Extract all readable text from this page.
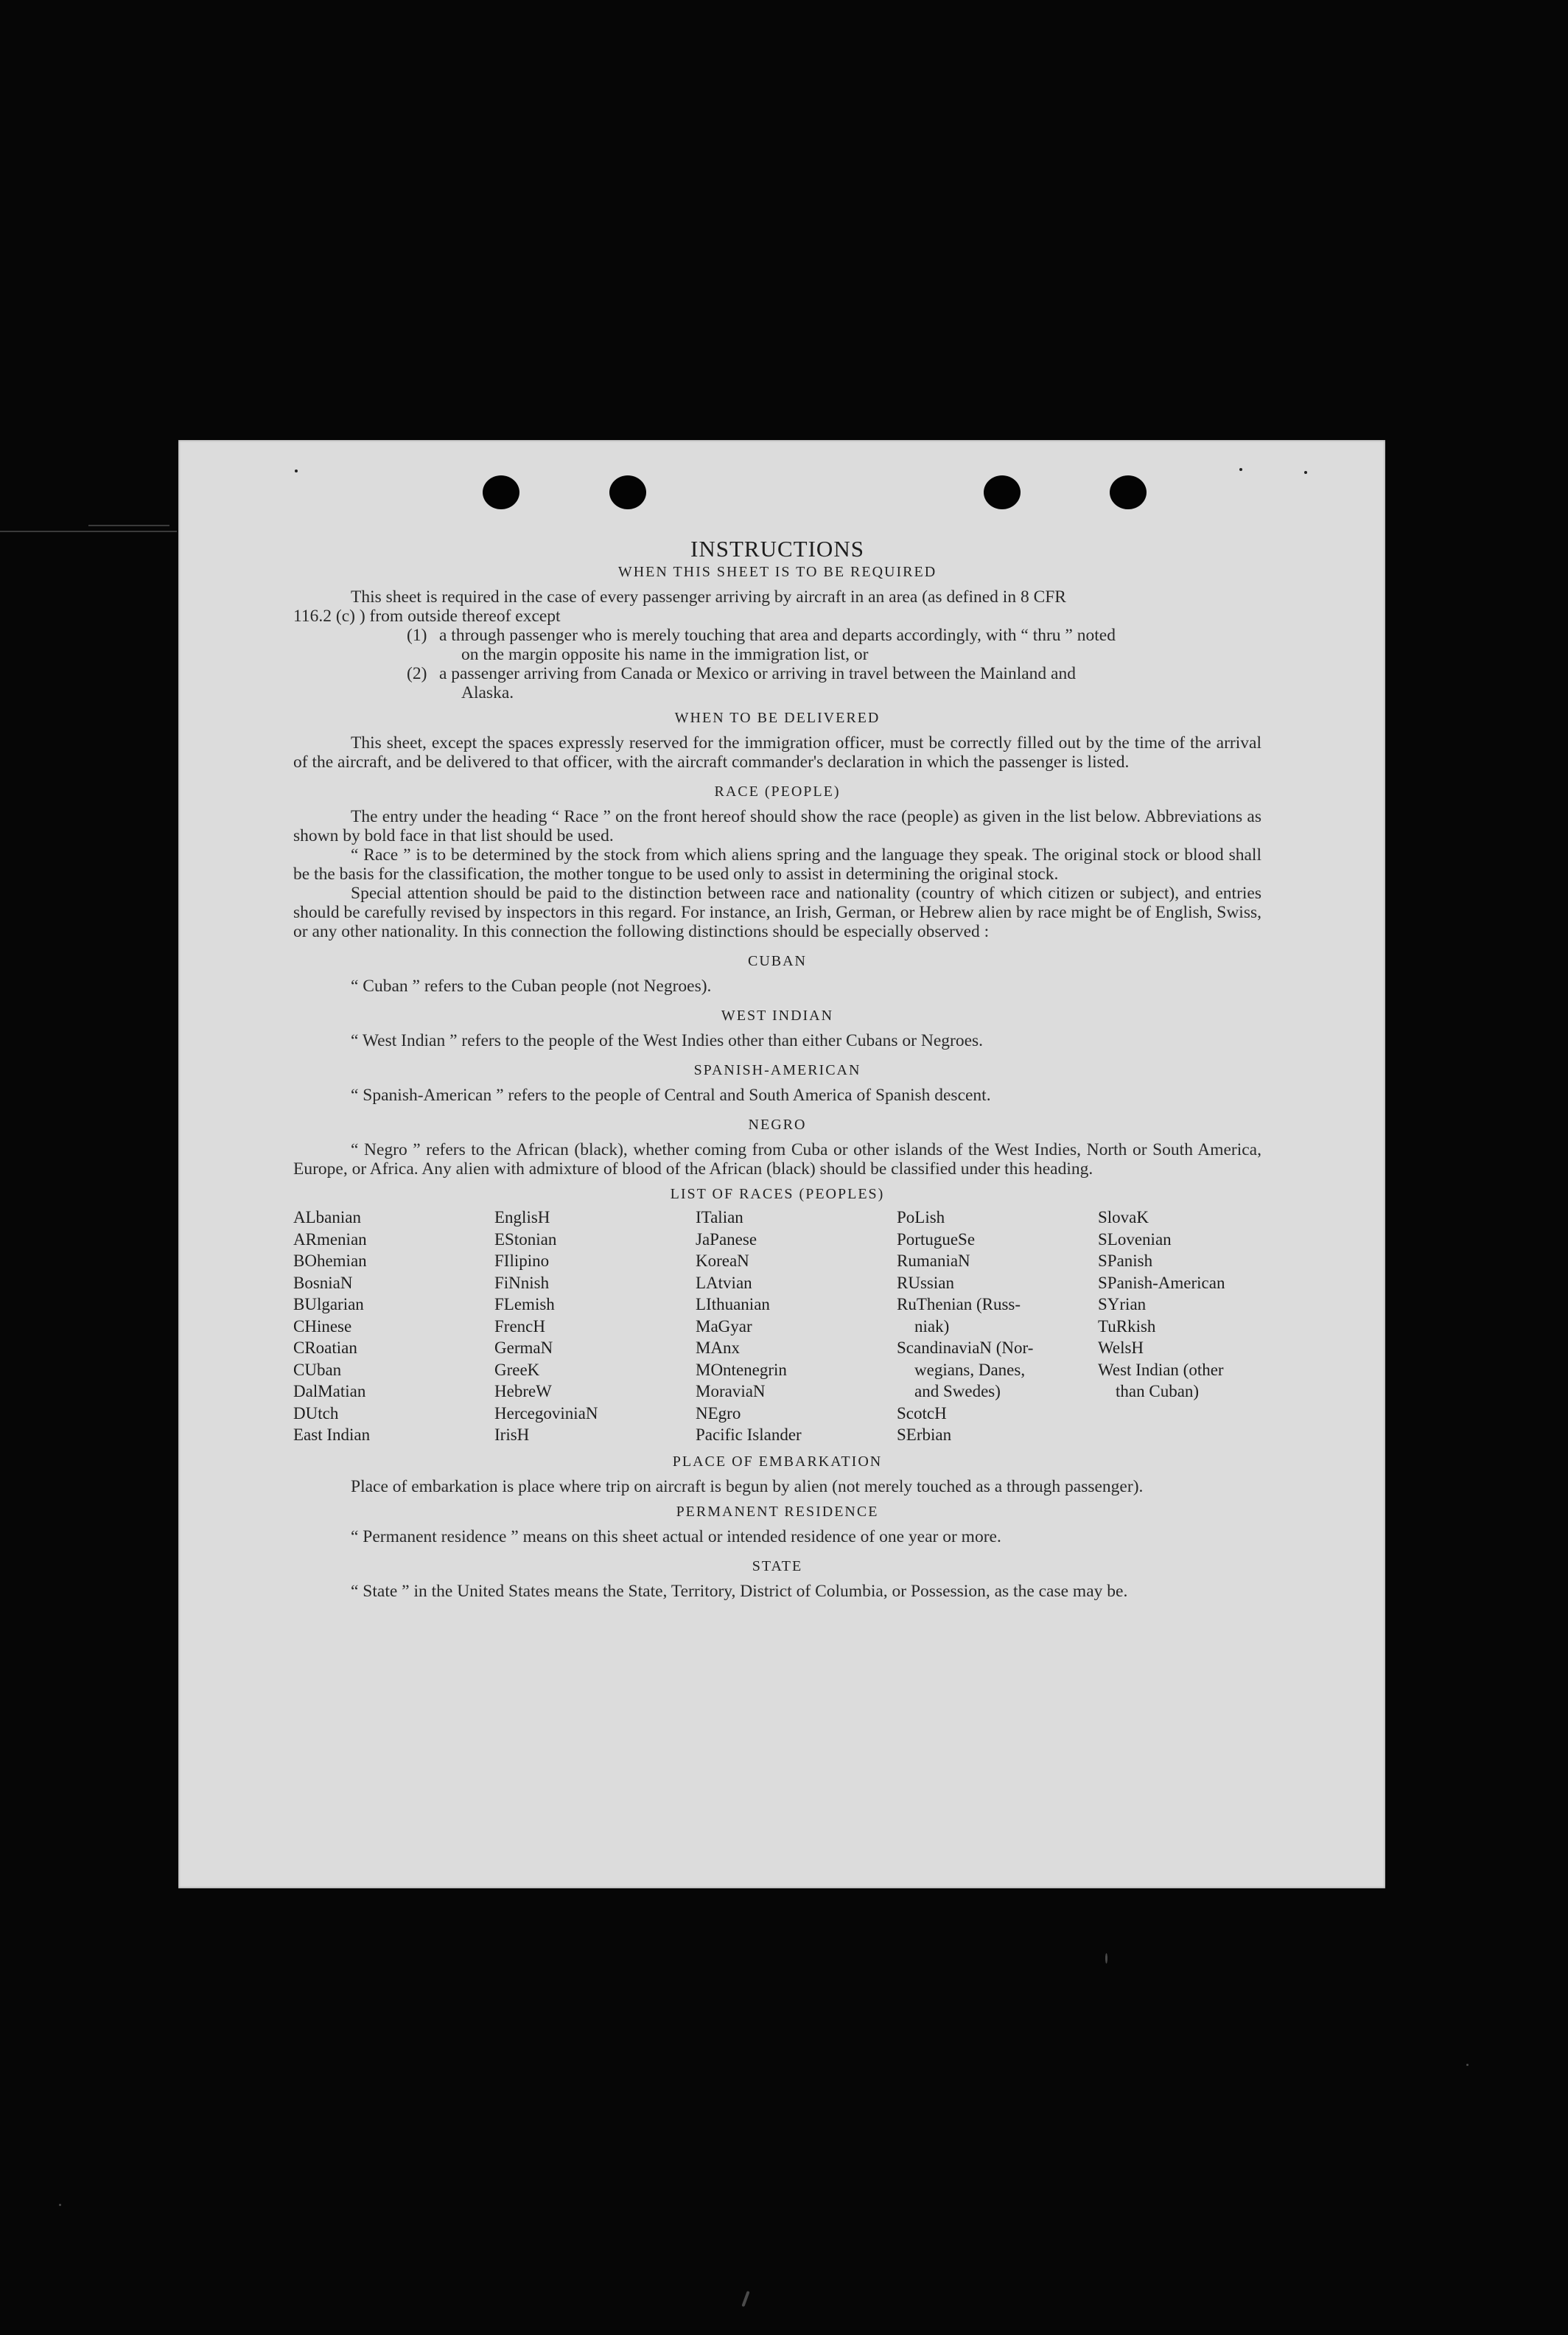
INSTRUCTIONS
WHEN THIS SHEET IS TO BE REQUIRED

This sheet is required in the case of every passenger arriving by aircraft in an area (as defined in 8 CFR

116.2 (c) ) from outside thereof except

(1) a through passenger who is merely touching that area and departs accordingly, with “ thru ” noted
on the margin opposite his name in the immigration list, or
(2) a passenger arriving from Canada or Mexico or arriving in travel between the Mainland and
Alaska.
WHEN TO BE DELIVERED

This sheet, except the spaces expressly reserved for the immigration officer, must be correctly filled out by the time of the arrival of the aircraft, and be delivered to that officer, with the aircraft commander's declaration in which the passenger is listed.

RACE (PEOPLE)

The entry under the heading “ Race ” on the front hereof should show the race (people) as given in the list below. Abbreviations as shown by bold face in that list should be used.

“ Race ” is to be determined by the stock from which aliens spring and the language they speak. The original stock or blood shall be the basis for the classification, the mother tongue to be used only to assist in determining the original stock.

Special attention should be paid to the distinction between race and nationality (country of which citizen or subject), and entries should be carefully revised by inspectors in this regard. For instance, an Irish, German, or Hebrew alien by race might be of English, Swiss, or any other nationality. In this connection the following distinctions should be especially observed :

CUBAN

“ Cuban ” refers to the Cuban people (not Negroes).

WEST INDIAN

“ West Indian ” refers to the people of the West Indies other than either Cubans or Negroes.

SPANISH-AMERICAN

“ Spanish-American ” refers to the people of Central and South America of Spanish descent.

NEGRO

“ Negro ” refers to the African (black), whether coming from Cuba or other islands of the West Indies, North or South America, Europe, or Africa. Any alien with admixture of blood of the African (black) should be classified under this heading.

LIST OF RACES (PEOPLES)
ALbanian
ARmenian
BOhemian
BosniaN
BUlgarian
CHinese
CRoatian
CUban
DalMatian
DUtch
East Indian
EnglisH
EStonian
FIlipino
FiNnish
FLemish
FrencH
GermaN
GreeK
HebreW
HercegoviniaN
IrisH
ITalian
JaPanese
KoreaN
LAtvian
LIthuanian
MaGyar
MAnx
MOntenegrin
MoraviaN
NEgro
Pacific Islander
PoLish
PortugueSe
RumaniaN
RUssian
RuThenian (Russ-
niak)
ScandinaviaN (Nor-
wegians, Danes,
and Swedes)
ScotcH
SErbian
SlovaK
SLovenian
SPanish
SPanish-American
SYrian
TuRkish
WelsH
West Indian (other
than Cuban)
PLACE OF EMBARKATION

Place of embarkation is place where trip on aircraft is begun by alien (not merely touched as a through passenger).

PERMANENT RESIDENCE

“ Permanent residence ” means on this sheet actual or intended residence of one year or more.

STATE

“ State ” in the United States means the State, Territory, District of Columbia, or Possession, as the case may be.
